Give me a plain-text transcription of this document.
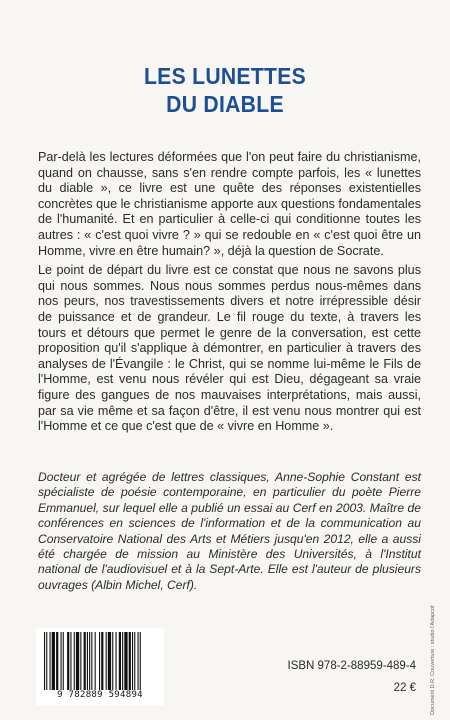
LES LUNETTES
DU DIABLE

Par-delà les lectures déformées que l'on peut faire du christianisme, quand on chausse, sans s'en rendre compte parfois, les « lunettes du diable », ce livre est une quête des réponses existentielles concrètes que le christianisme apporte aux questions fondamentales de l'humanité. Et en particulier à celle-ci qui conditionne toutes les autres : « c'est quoi vivre ? » qui se redouble en « c'est quoi être un Homme, vivre en être humain? », déjà la question de Socrate.

Le point de départ du livre est ce constat que nous ne savons plus qui nous sommes. Nous nous sommes perdus nous-mêmes dans nos peurs, nos travestissements divers et notre irrépressible désir de puissance et de grandeur. Le fil rouge du texte, à travers les tours et détours que permet le genre de la conversation, est cette proposition qu'il s'applique à démontrer, en particulier à travers des analyses de l'Évangile : le Christ, qui se nomme lui-même le Fils de l'Homme, est venu nous révéler qui est Dieu, dégageant sa vraie figure des gangues de nos mauvaises interprétations, mais aussi, par sa vie même et sa façon d'être, il est venu nous montrer qui est l'Homme et ce que c'est que de « vivre en Homme ».

Docteur et agrégée de lettres classiques, Anne-Sophie Constant est spécialiste de poésie contemporaine, en particulier du poète Pierre Emmanuel, sur lequel elle a publié un essai au Cerf en 2003. Maître de conférences en sciences de l'information et de la communication au Conservatoire National des Arts et Métiers jusqu'en 2012, elle a aussi été chargée de mission au Ministère des Universités, à l'Institut national de l'audiovisuel et à la Sept-Arte. Elle est l'auteur de plusieurs ouvrages (Albin Michel, Cerf).

9 782889 594894
ISBN 978-2-88959-489-4
22 €	Document D.R. Couverture : studio l'Adapcof
